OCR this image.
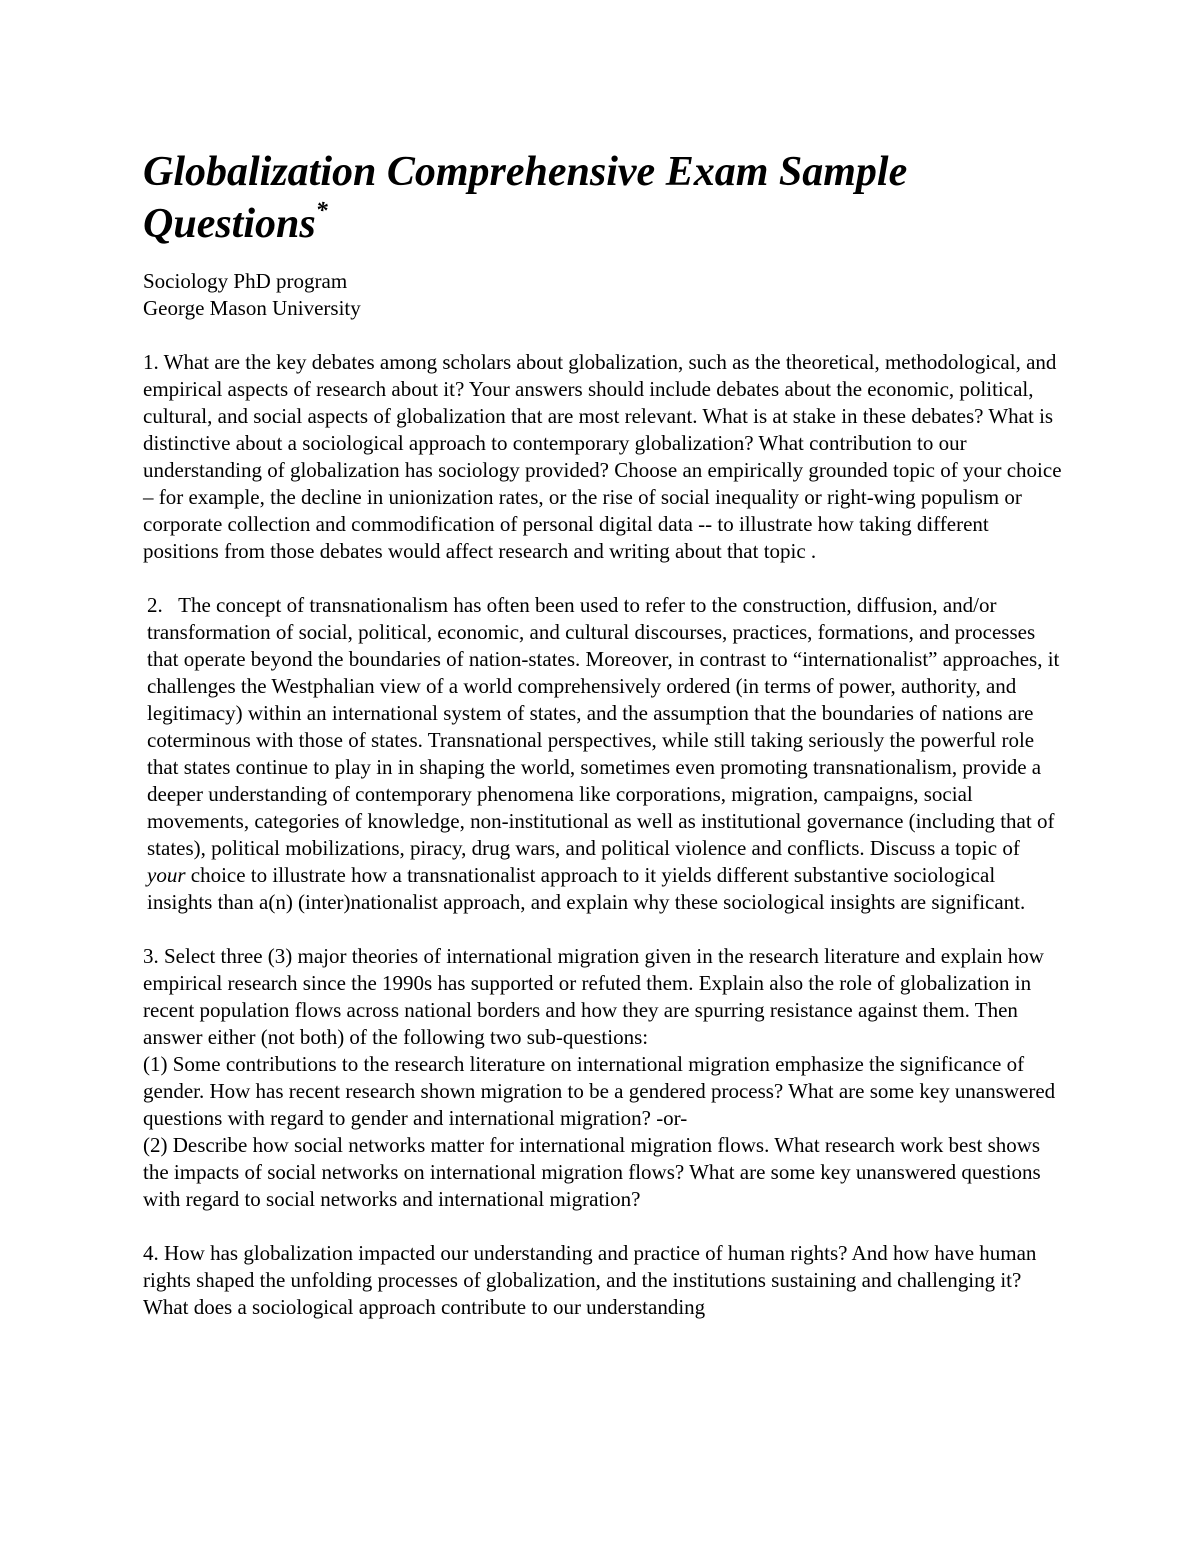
Globalization Comprehensive Exam Sample Questions*

Sociology PhD program

George Mason University

1. What are the key debates among scholars about globalization, such as the theoretical, methodological, and empirical aspects of research about it? Your answers should include debates about the economic, political, cultural, and social aspects of globalization that are most relevant. What is at stake in these debates? What is distinctive about a sociological approach to contemporary globalization? What contribution to our understanding of globalization has sociology provided? Choose an empirically grounded topic of your choice – for example, the decline in unionization rates, or the rise of social inequality or right-wing populism or corporate collection and commodification of personal digital data -- to illustrate how taking different positions from those debates would affect research and writing about that topic .

2. The concept of transnationalism has often been used to refer to the construction, diffusion, and/or transformation of social, political, economic, and cultural discourses, practices, formations, and processes that operate beyond the boundaries of nation-states. Moreover, in contrast to “internationalist” approaches, it challenges the Westphalian view of a world comprehensively ordered (in terms of power, authority, and legitimacy) within an international system of states, and the assumption that the boundaries of nations are coterminous with those of states. Transnational perspectives, while still taking seriously the powerful role that states continue to play in in shaping the world, sometimes even promoting transnationalism, provide a deeper understanding of contemporary phenomena like corporations, migration, campaigns, social movements, categories of knowledge, non-institutional as well as institutional governance (including that of states), political mobilizations, piracy, drug wars, and political violence and conflicts. Discuss a topic of your choice to illustrate how a transnationalist approach to it yields different substantive sociological insights than a(n) (inter)nationalist approach, and explain why these sociological insights are significant.

3. Select three (3) major theories of international migration given in the research literature and explain how empirical research since the 1990s has supported or refuted them. Explain also the role of globalization in recent population flows across national borders and how they are spurring resistance against them. Then answer either (not both) of the following two sub-questions:

(1) Some contributions to the research literature on international migration emphasize the significance of gender. How has recent research shown migration to be a gendered process? What are some key unanswered questions with regard to gender and international migration? -or-

(2) Describe how social networks matter for international migration flows. What research work best shows the impacts of social networks on international migration flows? What are some key unanswered questions with regard to social networks and international migration?

4. How has globalization impacted our understanding and practice of human rights? And how have human rights shaped the unfolding processes of globalization, and the institutions sustaining and challenging it? What does a sociological approach contribute to our understanding
